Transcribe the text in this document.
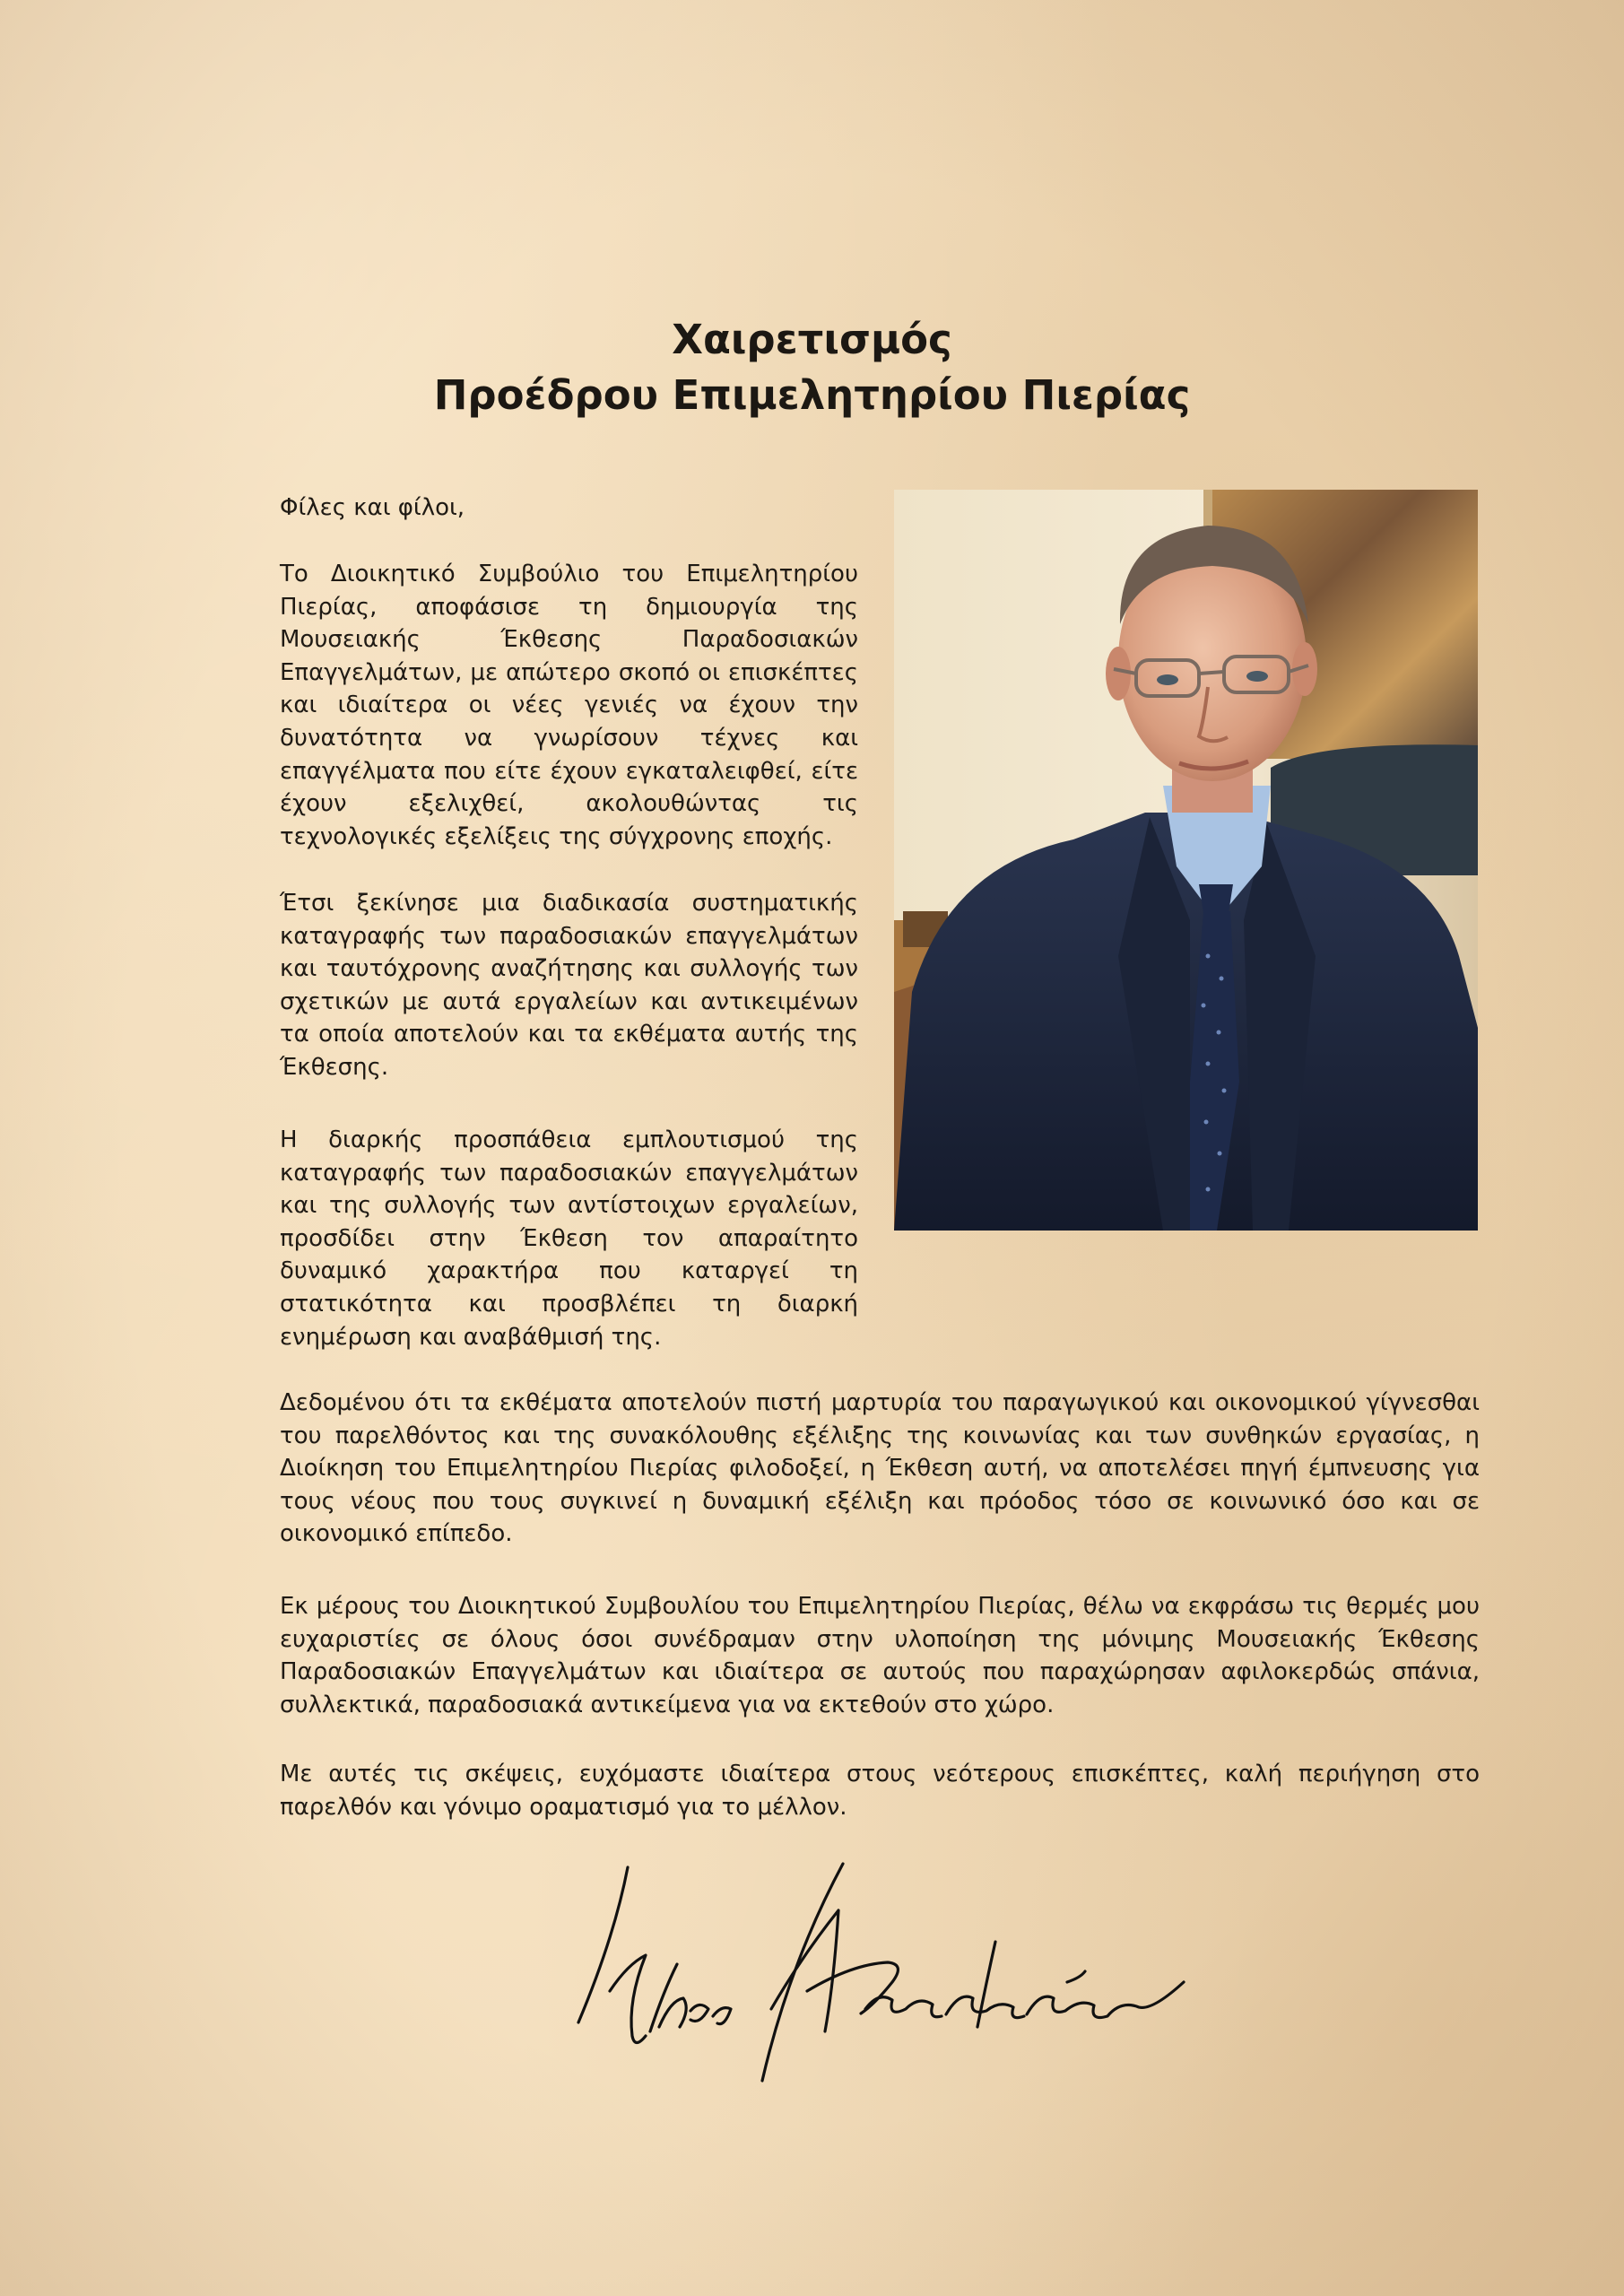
Χαιρετισμός
Προέδρου Επιμελητηρίου Πιερίας

Φίλες και φίλοι,

Το Διοικητικό Συμβούλιο του Επιμελητηρίου Πιερίας, αποφάσισε τη δημιουργία της Μουσειακής Έκθεσης Παραδοσιακών Επαγγελμάτων, με απώτερο σκοπό οι επισκέπτες και ιδιαίτερα οι νέες γενιές να έχουν την δυνατότητα να γνωρίσουν τέχνες και επαγγέλματα που είτε έχουν εγκαταλειφθεί, είτε έχουν εξελιχθεί, ακολουθώντας τις τεχνολογικές εξελίξεις της σύγχρονης εποχής.

Έτσι ξεκίνησε μια διαδικασία συστηματικής καταγραφής των παραδοσιακών επαγγελμάτων και ταυτόχρονης αναζήτησης και συλλογής των σχετικών με αυτά εργαλείων και αντικειμένων τα οποία αποτελούν και τα εκθέματα αυτής της Έκθεσης.

Η διαρκής προσπάθεια εμπλουτισμού της καταγραφής των παραδοσιακών επαγγελμάτων και της συλλογής των αντίστοιχων εργαλείων, προσδίδει στην Έκθεση τον απαραίτητο δυναμικό χαρακτήρα που καταργεί τη στατικότητα και προσβλέπει τη διαρκή ενημέρωση και αναβάθμισή της.

Δεδομένου ότι τα εκθέματα αποτελούν πιστή μαρτυρία του παραγωγικού και οικονομικού γίγνεσθαι του παρελθόντος και της συνακόλουθης εξέλιξης της κοινωνίας και των συνθηκών εργασίας, η Διοίκηση του Επιμελητηρίου Πιερίας φιλοδοξεί, η Έκθεση αυτή, να αποτελέσει πηγή έμπνευσης για τους νέους που τους συγκινεί η δυναμική εξέλιξη και πρόοδος τόσο σε κοινωνικό όσο και σε οικονομικό επίπεδο.

Εκ μέρους του Διοικητικού Συμβουλίου του Επιμελητηρίου Πιερίας, θέλω να εκφράσω τις θερμές μου ευχαριστίες σε όλους όσοι συνέδραμαν στην υλοποίηση της μόνιμης Μουσειακής Έκθεσης Παραδοσιακών Επαγγελμάτων και ιδιαίτερα σε αυτούς που παραχώρησαν αφιλοκερδώς σπάνια, συλλεκτικά, παραδοσιακά αντικείμενα για να εκτεθούν στο χώρο.

Με αυτές τις σκέψεις, ευχόμαστε ιδιαίτερα στους νεότερους επισκέπτες, καλή περιήγηση στο παρελθόν και γόνιμο οραματισμό για το μέλλον.
